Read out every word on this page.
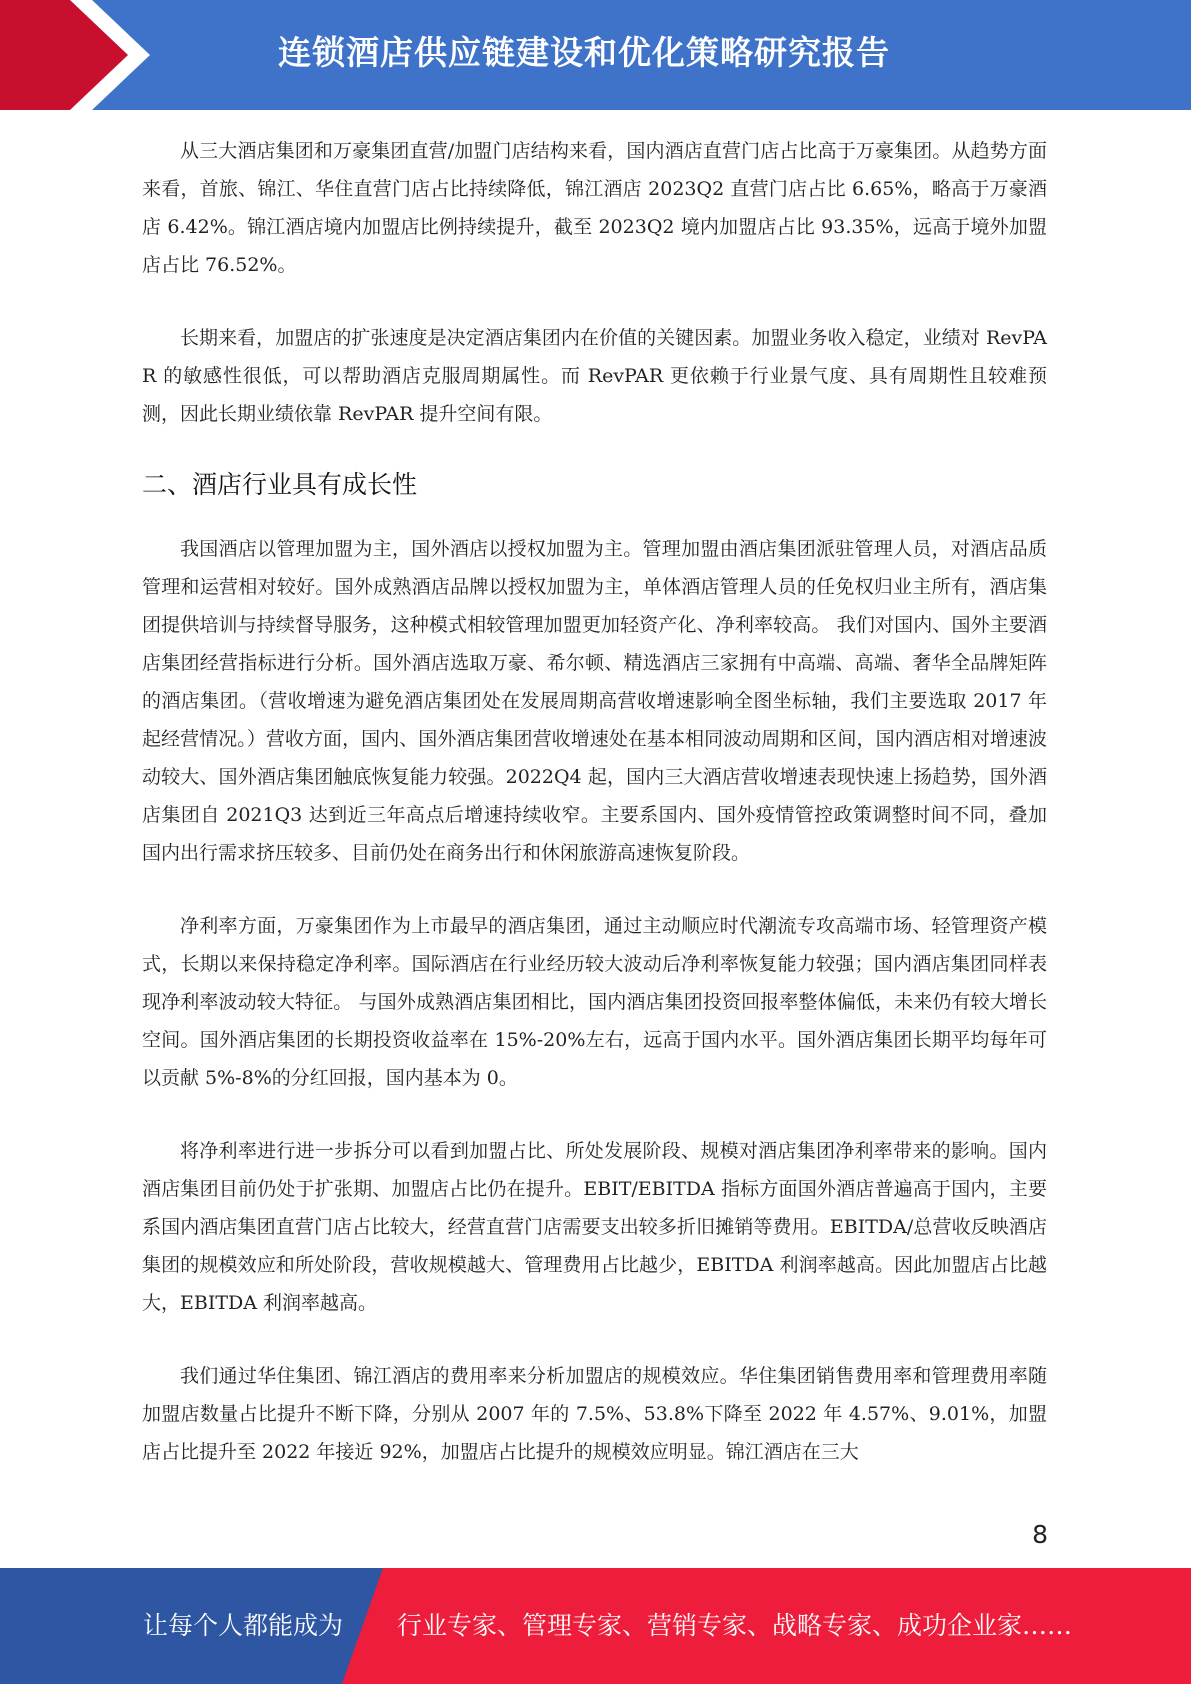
连锁酒店供应链建设和优化策略研究报告

从三大酒店集团和万豪集团直营/加盟门店结构来看，国内酒店直营门店占比高于万豪集团。从趋势方面来看，首旅、锦江、华住直营门店占比持续降低，锦江酒店 2023Q2 直营门店占比 6.65%，略高于万豪酒店 6.42%。锦江酒店境内加盟店比例持续提升，截至 2023Q2 境内加盟店占比 93.35%，远高于境外加盟店占比 76.52%。

长期来看，加盟店的扩张速度是决定酒店集团内在价值的关键因素。加盟业务收入稳定，业绩对 RevPAR 的敏感性很低，可以帮助酒店克服周期属性。而 RevPAR 更依赖于行业景气度、具有周期性且较难预测，因此长期业绩依靠 RevPAR 提升空间有限。

二、酒店行业具有成长性

我国酒店以管理加盟为主，国外酒店以授权加盟为主。管理加盟由酒店集团派驻管理人员，对酒店品质管理和运营相对较好。国外成熟酒店品牌以授权加盟为主，单体酒店管理人员的任免权归业主所有，酒店集团提供培训与持续督导服务，这种模式相较管理加盟更加轻资产化、净利率较高。 我们对国内、国外主要酒店集团经营指标进行分析。国外酒店选取万豪、希尔顿、精选酒店三家拥有中高端、高端、奢华全品牌矩阵的酒店集团。（营收增速为避免酒店集团处在发展周期高营收增速影响全图坐标轴，我们主要选取 2017 年起经营情况。）营收方面，国内、国外酒店集团营收增速处在基本相同波动周期和区间，国内酒店相对增速波动较大、国外酒店集团触底恢复能力较强。2022Q4 起，国内三大酒店营收增速表现快速上扬趋势，国外酒店集团自 2021Q3 达到近三年高点后增速持续收窄。主要系国内、国外疫情管控政策调整时间不同，叠加国内出行需求挤压较多、目前仍处在商务出行和休闲旅游高速恢复阶段。

净利率方面，万豪集团作为上市最早的酒店集团，通过主动顺应时代潮流专攻高端市场、轻管理资产模式，长期以来保持稳定净利率。国际酒店在行业经历较大波动后净利率恢复能力较强；国内酒店集团同样表现净利率波动较大特征。 与国外成熟酒店集团相比，国内酒店集团投资回报率整体偏低，未来仍有较大增长空间。国外酒店集团的长期投资收益率在 15%-20%左右，远高于国内水平。国外酒店集团长期平均每年可以贡献 5%-8%的分红回报，国内基本为 0。

将净利率进行进一步拆分可以看到加盟占比、所处发展阶段、规模对酒店集团净利率带来的影响。国内酒店集团目前仍处于扩张期、加盟店占比仍在提升。EBIT/EBITDA 指标方面国外酒店普遍高于国内，主要系国内酒店集团直营门店占比较大，经营直营门店需要支出较多折旧摊销等费用。EBITDA/总营收反映酒店集团的规模效应和所处阶段，营收规模越大、管理费用占比越少，EBITDA 利润率越高。因此加盟店占比越大，EBITDA 利润率越高。

我们通过华住集团、锦江酒店的费用率来分析加盟店的规模效应。华住集团销售费用率和管理费用率随加盟店数量占比提升不断下降，分别从 2007 年的 7.5%、53.8%下降至 2022 年 4.57%、9.01%，加盟店占比提升至 2022 年接近 92%，加盟店占比提升的规模效应明显。锦江酒店在三大

8
让每个人都能成为 行业专家、管理专家、营销专家、战略专家、成功企业家……
